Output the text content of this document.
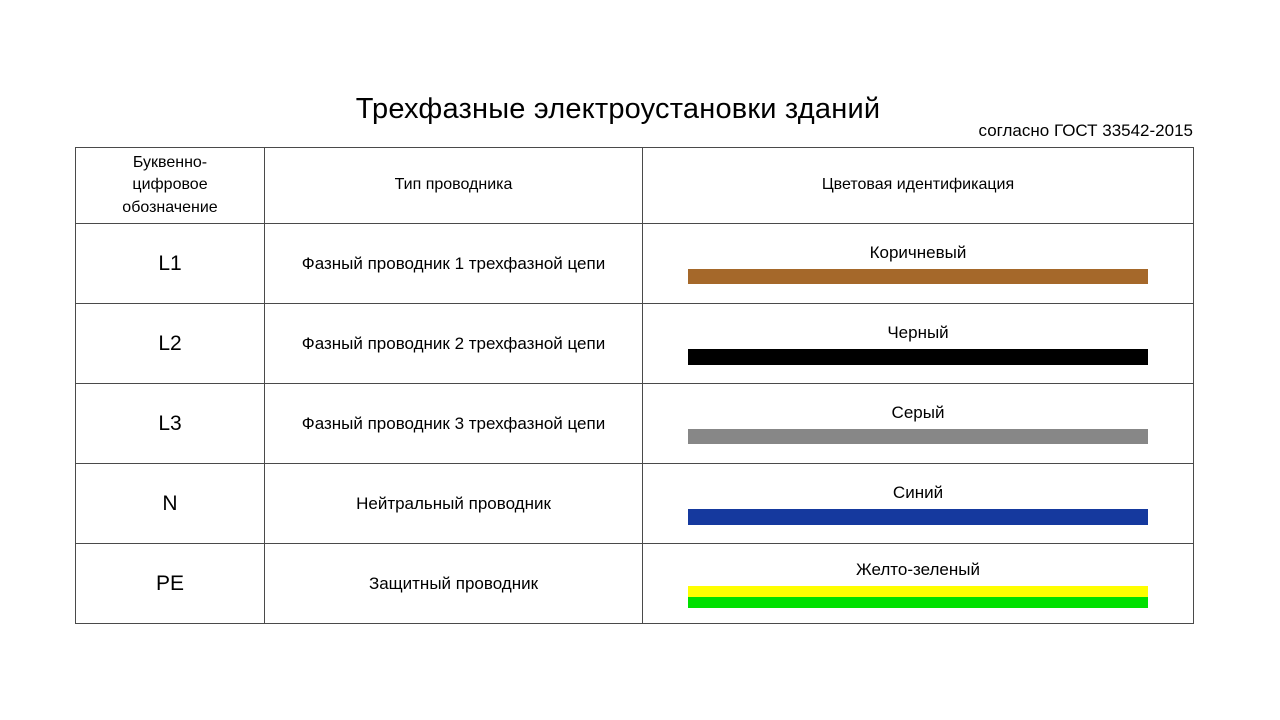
Трехфазные электроустановки зданий
согласно ГОСТ 33542-2015
Буквенно-цифровое обозначение	Тип проводника	Цветовая идентификация
L1	Фазный проводник 1 трехфазной цепи	Коричневый

L2	Фазный проводник 2 трехфазной цепи	Черный

L3	Фазный проводник 3 трехфазной цепи	Серый

N	Нейтральный проводник	Синий

PE	Защитный проводник	Желто-зеленый
